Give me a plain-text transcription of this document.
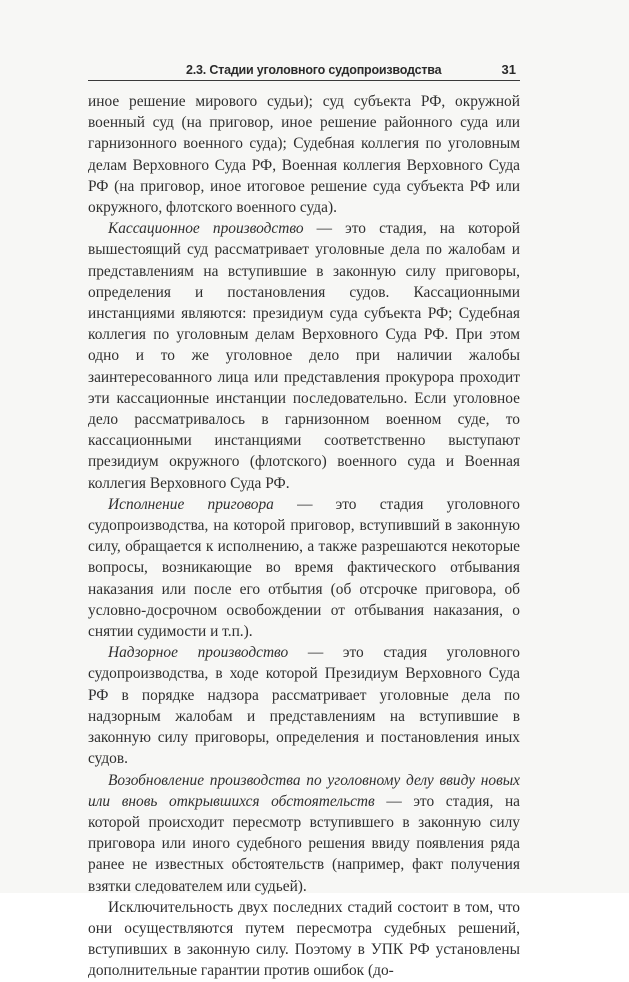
2.3. Стадии уголовного судопроизводства	31

иное решение мирового судьи); суд субъекта РФ, окружной военный суд (на приговор, иное решение районного суда или гарнизонного военного суда); Судебная коллегия по уголовным делам Верховного Суда РФ, Военная коллегия Верховного Суда РФ (на приговор, иное итоговое решение суда субъекта РФ или окружного, флотского военного суда).

Кассационное производство — это стадия, на которой вышестоящий суд рассматривает уголовные дела по жалобам и представлениям на вступившие в законную силу приговоры, определения и постановления судов. Кассационными инстанциями являются: президиум суда субъекта РФ; Судебная коллегия по уголовным делам Верховного Суда РФ. При этом одно и то же уголовное дело при наличии жалобы заинтересованного лица или представления прокурора проходит эти кассационные инстанции последовательно. Если уголовное дело рассматривалось в гарнизонном военном суде, то кассационными инстанциями соответственно выступают президиум окружного (флотского) военного суда и Военная коллегия Верховного Суда РФ.

Исполнение приговора — это стадия уголовного судопроизводства, на которой приговор, вступивший в законную силу, обращается к исполнению, а также разрешаются некоторые вопросы, возникающие во время фактического отбывания наказания или после его отбытия (об отсрочке приговора, об условно-досрочном освобождении от отбывания наказания, о снятии судимости и т.п.).

Надзорное производство — это стадия уголовного судопроизводства, в ходе которой Президиум Верховного Суда РФ в порядке надзора рассматривает уголовные дела по надзорным жалобам и представлениям на вступившие в законную силу приговоры, определения и постановления иных судов.

Возобновление производства по уголовному делу ввиду новых или вновь открывшихся обстоятельств — это стадия, на которой происходит пересмотр вступившего в законную силу приговора или иного судебного решения ввиду появления ряда ранее не известных обстоятельств (например, факт получения взятки следователем или судьей).

Исключительность двух последних стадий состоит в том, что они осуществляются путем пересмотра судебных решений, вступивших в законную силу. Поэтому в УПК РФ установлены дополнительные гарантии против ошибок (до-
